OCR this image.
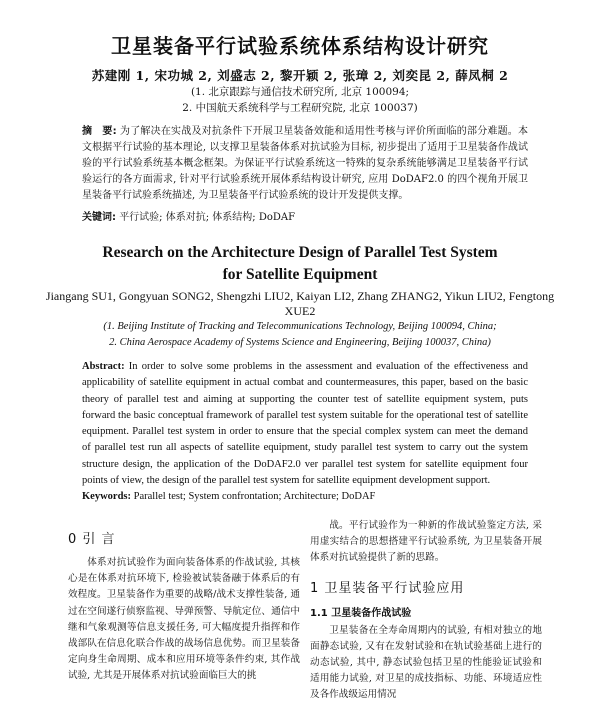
卫星装备平行试验系统体系结构设计研究
苏建刚 1, 宋功城 2, 刘盛志 2, 黎开颖 2, 张璋 2, 刘奕昆 2, 薛凤桐 2
(1. 北京跟踪与通信技术研究所, 北京 100094;
2. 中国航天系统科学与工程研究院, 北京 100037)
摘　要: 为了解决在实战及对抗条件下开展卫星装备效能和适用性考核与评价所面临的部分难题。本文根据平行试验的基本理论, 以支撑卫星装备体系对抗试验为目标, 初步提出了适用于卫星装备作战试验的平行试验系统基本概念框架。为保证平行试验系统这一特殊的复杂系统能够满足卫星装备平行试验运行的各方面需求, 针对平行试验系统开展体系结构设计研究, 应用 DoDAF2.0 的四个视角开展卫星装备平行试验系统描述, 为卫星装备平行试验系统的设计开发提供支撑。
关键词: 平行试验; 体系对抗; 体系结构; DoDAF
Research on the Architecture Design of Parallel Test System
for Satellite Equipment
Jiangang SU1, Gongyuan SONG2, Shengzhi LIU2, Kaiyan LI2, Zhang ZHANG2, Yikun LIU2, Fengtong XUE2
(1. Beijing Institute of Tracking and Telecommunications Technology, Beijing 100094, China;
2. China Aerospace Academy of Systems Science and Engineering, Beijing 100037, China)
Abstract: In order to solve some problems in the assessment and evaluation of the effectiveness and applicability of satellite equipment in actual combat and countermeasures, this paper, based on the basic theory of parallel test and aiming at supporting the counter test of satellite equipment system, puts forward the basic conceptual framework of parallel test system suitable for the operational test of satellite equipment. Parallel test system in order to ensure that the special complex system can meet the demand of parallel test run all aspects of satellite equipment, study parallel test system to carry out the system structure design, the application of the DoDAF2.0 ver parallel test system for satellite equipment four points of view, the design of the parallel test system for satellite equipment development support.
Keywords: Parallel test; System confrontation; Architecture; DoDAF
0 引 言

体系对抗试验作为面向装备体系的作战试验, 其核心是在体系对抗环境下, 检验被试装备融于体系后的有效程度。卫星装备作为重要的战略/战术支撑性装备, 通过在空间遂行侦察监视、导弹预警、导航定位、通信中继和气象观测等信息支援任务, 可大幅度提升指挥和作战部队在信息化联合作战的战场信息优势。而卫星装备定向身生命周期、成本和应用环境等条件约束, 其作战试验, 尤其是开展体系对抗试验面临巨大的挑

战。平行试验作为一种新的作战试验鉴定方法, 采用虚实结合的思想搭建平行试验系统, 为卫星装备开展体系对抗试验提供了新的思路。

1 卫星装备平行试验应用
1.1 卫星装备作战试验

卫星装备在全寿命周期内的试验, 有相对独立的地面静态试验, 又有在发射试验和在轨试验基础上进行的动态试验, 其中, 静态试验包括卫星的性能验证试验和适用能力试验, 对卫星的成技指标、功能、环境适应性及各作战级运用情况
